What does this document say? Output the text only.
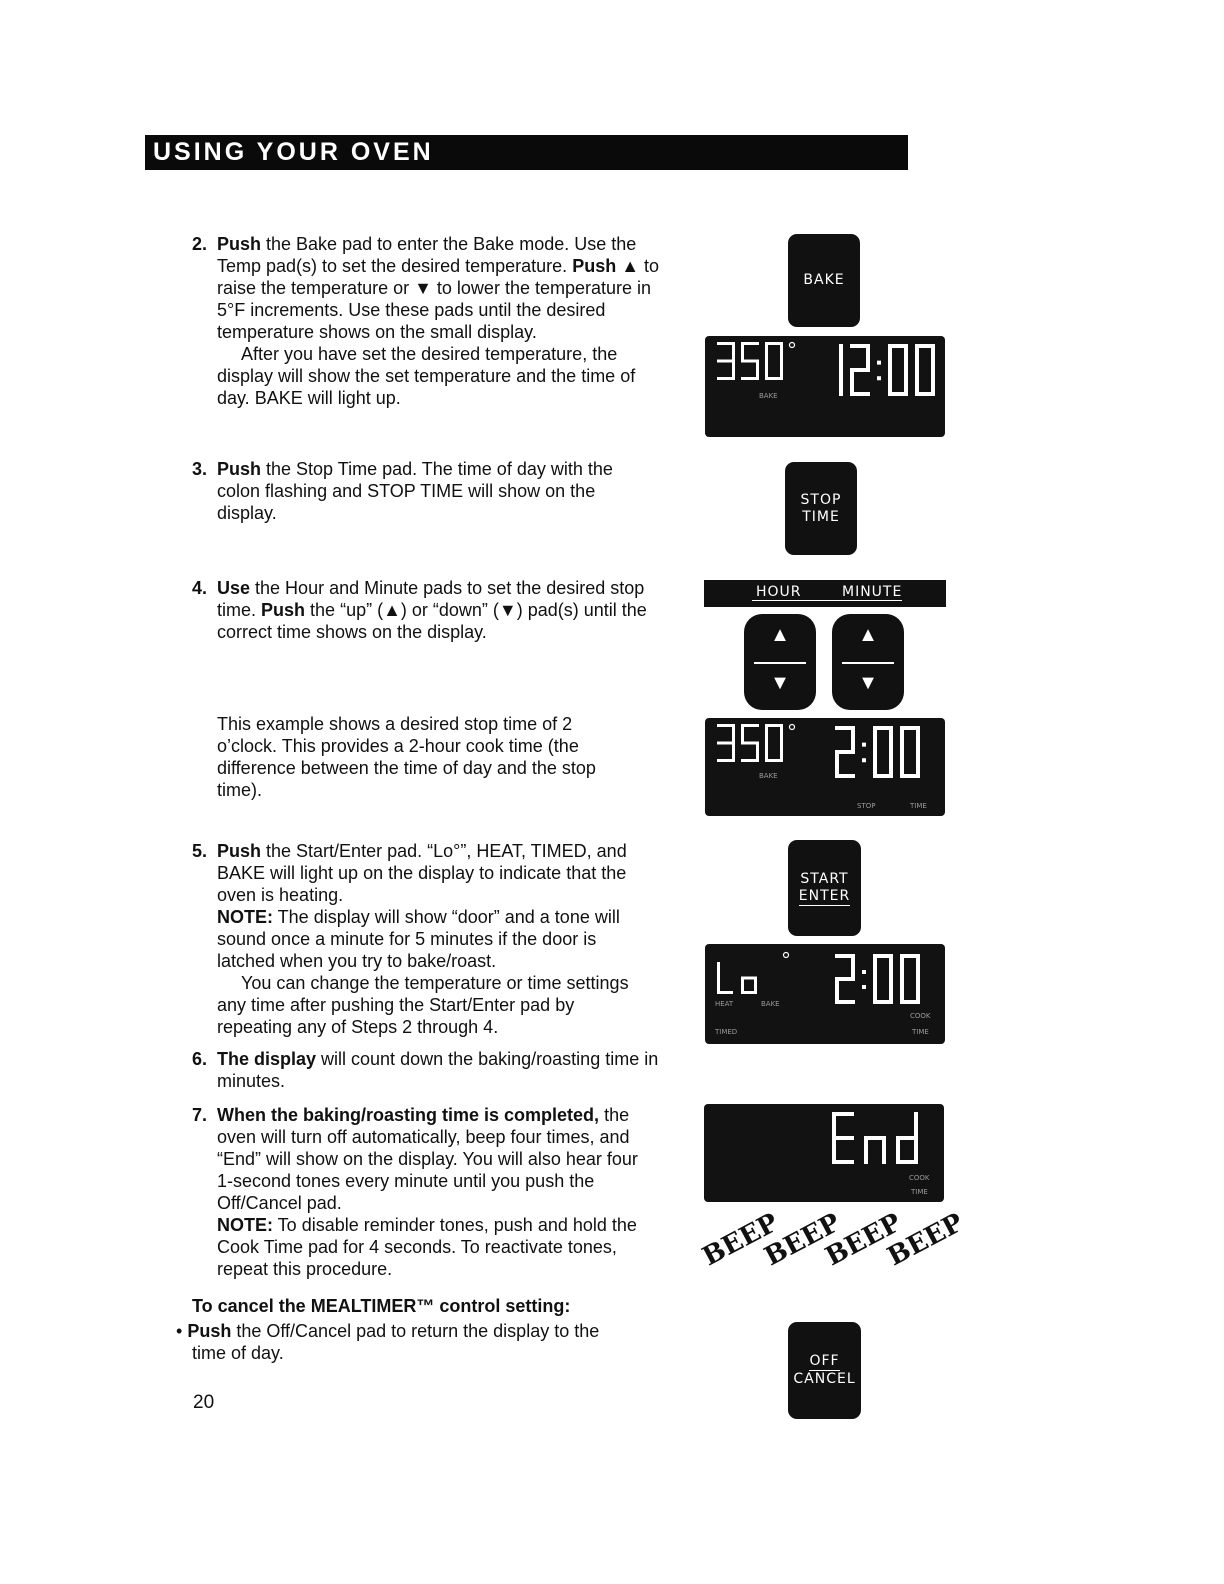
USING YOUR OVEN
2. Push the Bake pad to enter the Bake mode. Use the Temp pad(s) to set the desired temperature. Push ▲ to raise the temperature or ▼ to lower the temperature in 5°F increments. Use these pads until the desired temperature shows on the small display.

After you have set the desired temperature, the display will show the set temperature and the time of day. BAKE will light up.

3. Push the Stop Time pad. The time of day with the colon flashing and STOP TIME will show on the display.

4. Use the Hour and Minute pads to set the desired stop time. Push the “up” (▲) or “down” (▼) pad(s) until the correct time shows on the display.

This example shows a desired stop time of 2 o’clock. This provides a 2-hour cook time (the difference between the time of day and the stop time).

5. Push the Start/Enter pad. “Lo°”, HEAT, TIMED, and BAKE will light up on the display to indicate that the oven is heating.

NOTE: The display will show “door” and a tone will sound once a minute for 5 minutes if the door is latched when you try to bake/roast.

You can change the temperature or time settings any time after pushing the Start/Enter pad by repeating any of Steps 2 through 4.

6. The display will count down the baking/roasting time in minutes.

7. When the baking/roasting time is completed, the oven will turn off automatically, beep four times, and “End” will show on the display. You will also hear four 1-second tones every minute until you push the Off/Cancel pad.

NOTE: To disable reminder tones, push and hold the Cook Time pad for 4 seconds. To reactivate tones, repeat this procedure.

To cancel the MEALTIMER™ control setting:

• Push the Off/Cancel pad to return the display to the time of day.

20
BAKE
STOP
TIME
HOUR	MINUTE
▲
▼
▲
▼
START
ENTER
OFF
CANCEL
BAKE
BAKE
STOP	TIME
HEAT	BAKE
TIMED
COOK
TIME
COOK
TIME
BEEP
BEEP
BEEP
BEEP
